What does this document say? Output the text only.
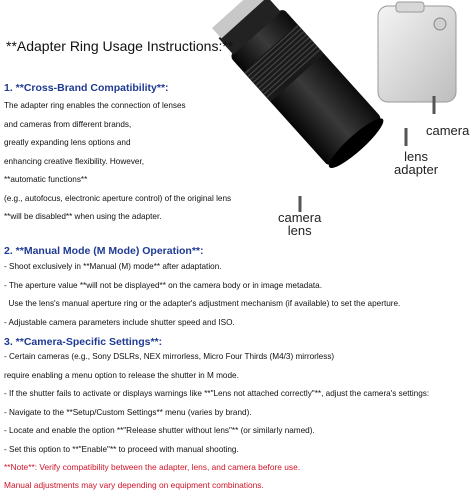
**Adapter Ring Usage Instructions:**
camera
lens
adapter
camera
lens
1. **Cross-Brand Compatibility**:
The adapter ring enables the connection of lenses
and cameras from different brands,
greatly expanding lens options and
enhancing creative flexibility. However,
**automatic functions**
(e.g., autofocus, electronic aperture control) of the original lens
**will be disabled** when using the adapter.
2. **Manual Mode (M Mode) Operation**:
- Shoot exclusively in **Manual (M) mode** after adaptation.
- The aperture value **will not be displayed** on the camera body or in image metadata.
Use the lens's manual aperture ring or the adapter's adjustment mechanism (if available) to set the aperture.
- Adjustable camera parameters include shutter speed and ISO.
3. **Camera-Specific Settings**:
- Certain cameras (e.g., Sony DSLRs, NEX mirrorless, Micro Four Thirds (M4/3) mirrorless)
require enabling a menu option to release the shutter in M mode.
- If the shutter fails to activate or displays warnings like **"Lens not attached correctly"**, adjust the camera's settings:
- Navigate to the **Setup/Custom Settings** menu (varies by brand).
- Locate and enable the option **"Release shutter without lens"** (or similarly named).
- Set this option to **"Enable"** to proceed with manual shooting.
**Note**: Verify compatibility between the adapter, lens, and camera before use.
Manual adjustments may vary depending on equipment combinations.
